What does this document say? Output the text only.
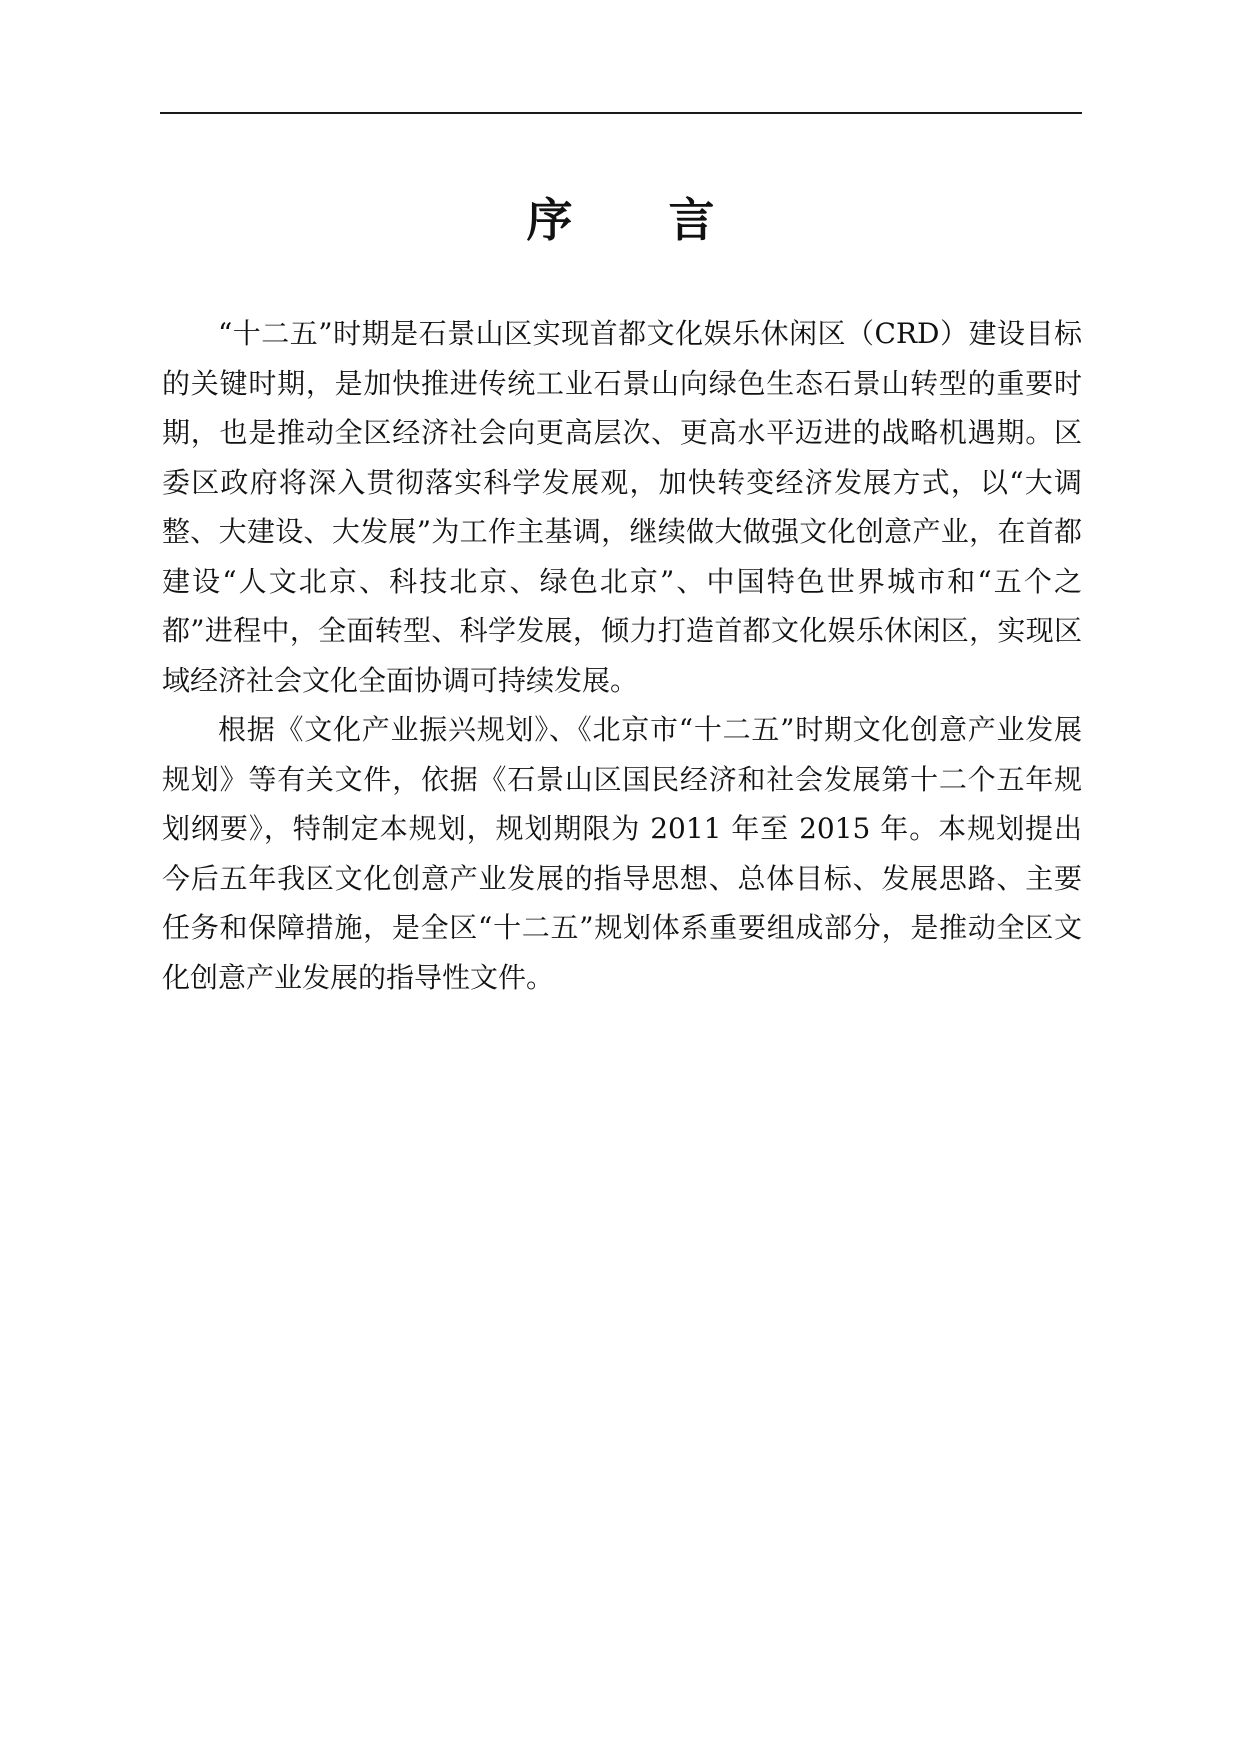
序 言

“十二五”时期是石景山区实现首都文化娱乐休闲区（CRD）建设目标的关键时期，是加快推进传统工业石景山向绿色生态石景山转型的重要时期，也是推动全区经济社会向更高层次、更高水平迈进的战略机遇期。区委区政府将深入贯彻落实科学发展观，加快转变经济发展方式，以“大调整、大建设、大发展”为工作主基调，继续做大做强文化创意产业，在首都建设“人文北京、科技北京、绿色北京”、中国特色世界城市和“五个之都”进程中，全面转型、科学发展，倾力打造首都文化娱乐休闲区，实现区域经济社会文化全面协调可持续发展。

根据《文化产业振兴规划》、《北京市“十二五”时期文化创意产业发展规划》等有关文件，依据《石景山区国民经济和社会发展第十二个五年规划纲要》，特制定本规划，规划期限为 2011 年至 2015 年。本规划提出今后五年我区文化创意产业发展的指导思想、总体目标、发展思路、主要任务和保障措施，是全区“十二五”规划体系重要组成部分，是推动全区文化创意产业发展的指导性文件。
